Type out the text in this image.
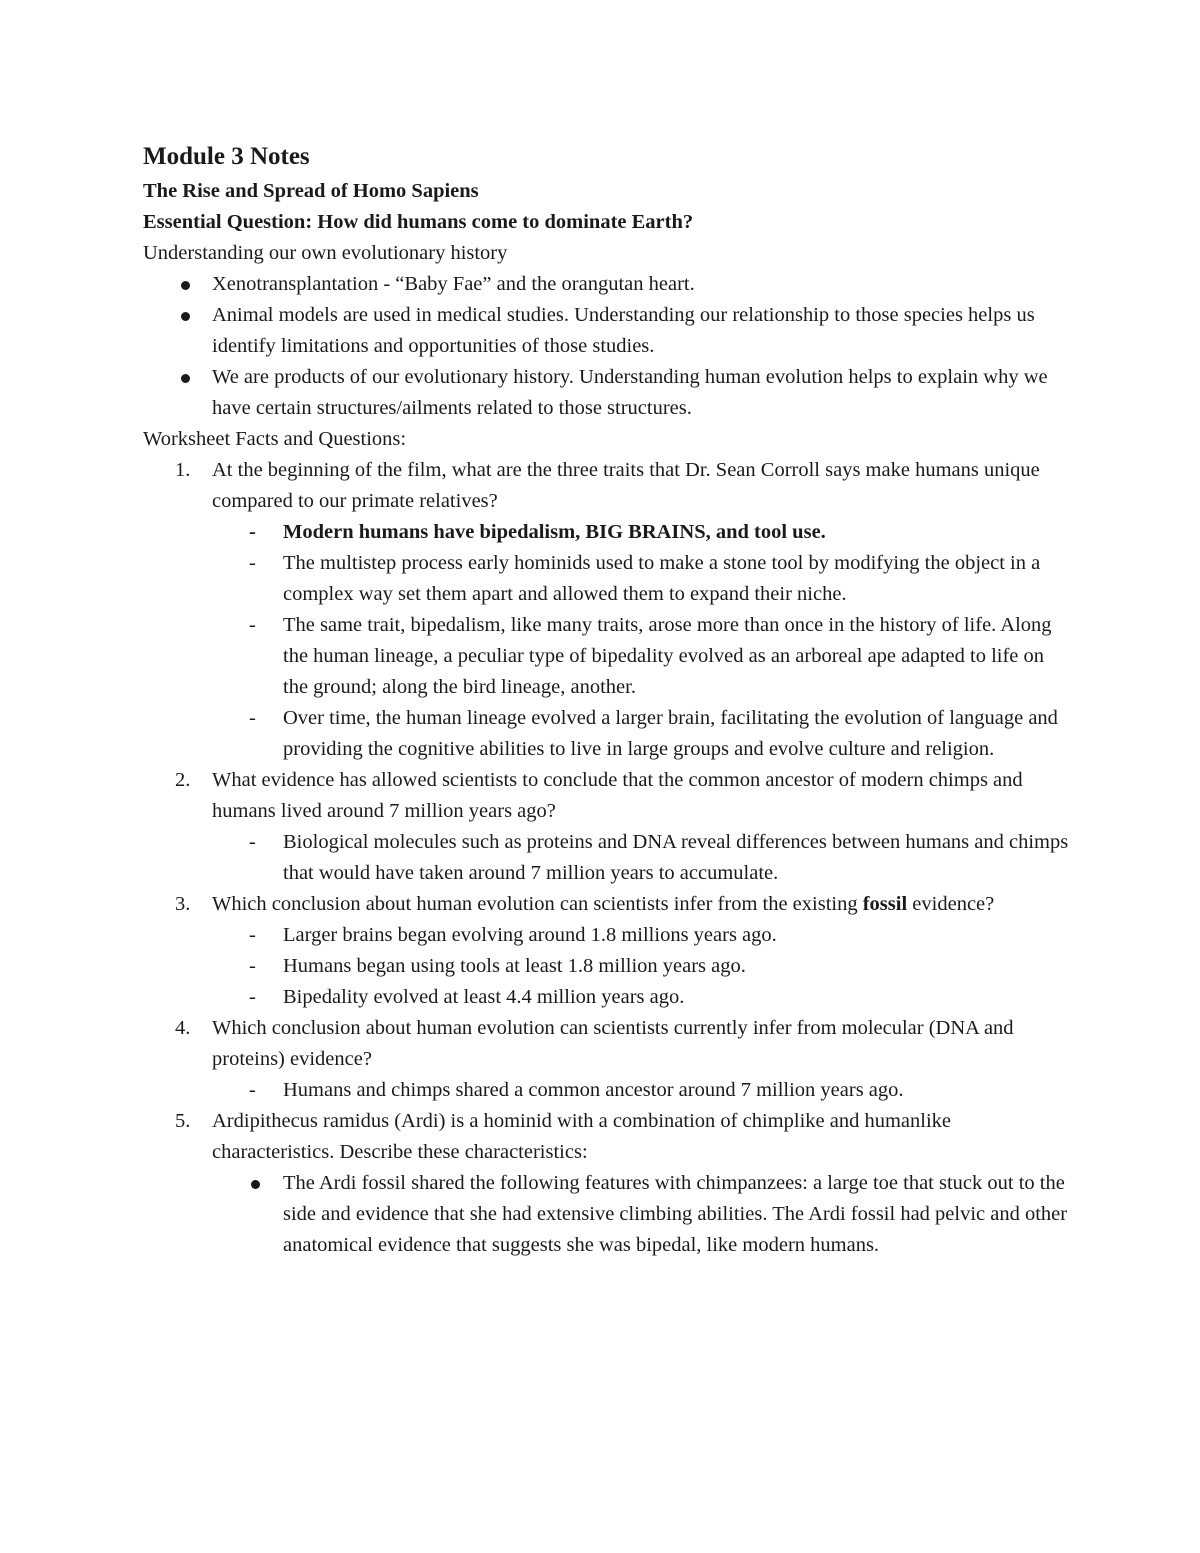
Module 3 Notes
The Rise and Spread of Homo Sapiens
Essential Question: How did humans come to dominate Earth?
Understanding our own evolutionary history
Xenotransplantation - “Baby Fae” and the orangutan heart.
Animal models are used in medical studies. Understanding our relationship to those species helps us identify limitations and opportunities of those studies.
We are products of our evolutionary history. Understanding human evolution helps to explain why we have certain structures/ailments related to those structures.
Worksheet Facts and Questions:
1. At the beginning of the film, what are the three traits that Dr. Sean Corroll says make humans unique compared to our primate relatives?
- Modern humans have bipedalism, BIG BRAINS, and tool use.
- The multistep process early hominids used to make a stone tool by modifying the object in a complex way set them apart and allowed them to expand their niche.
- The same trait, bipedalism, like many traits, arose more than once in the history of life. Along the human lineage, a peculiar type of bipedality evolved as an arboreal ape adapted to life on the ground; along the bird lineage, another.
- Over time, the human lineage evolved a larger brain, facilitating the evolution of language and providing the cognitive abilities to live in large groups and evolve culture and religion.
2. What evidence has allowed scientists to conclude that the common ancestor of modern chimps and humans lived around 7 million years ago?
- Biological molecules such as proteins and DNA reveal differences between humans and chimps that would have taken around 7 million years to accumulate.
3. Which conclusion about human evolution can scientists infer from the existing fossil evidence?
- Larger brains began evolving around 1.8 millions years ago.
- Humans began using tools at least 1.8 million years ago.
- Bipedality evolved at least 4.4 million years ago.
4. Which conclusion about human evolution can scientists currently infer from molecular (DNA and proteins) evidence?
- Humans and chimps shared a common ancestor around 7 million years ago.
5. Ardipithecus ramidus (Ardi) is a hominid with a combination of chimplike and humanlike characteristics. Describe these characteristics:
The Ardi fossil shared the following features with chimpanzees: a large toe that stuck out to the side and evidence that she had extensive climbing abilities. The Ardi fossil had pelvic and other anatomical evidence that suggests she was bipedal, like modern humans.
